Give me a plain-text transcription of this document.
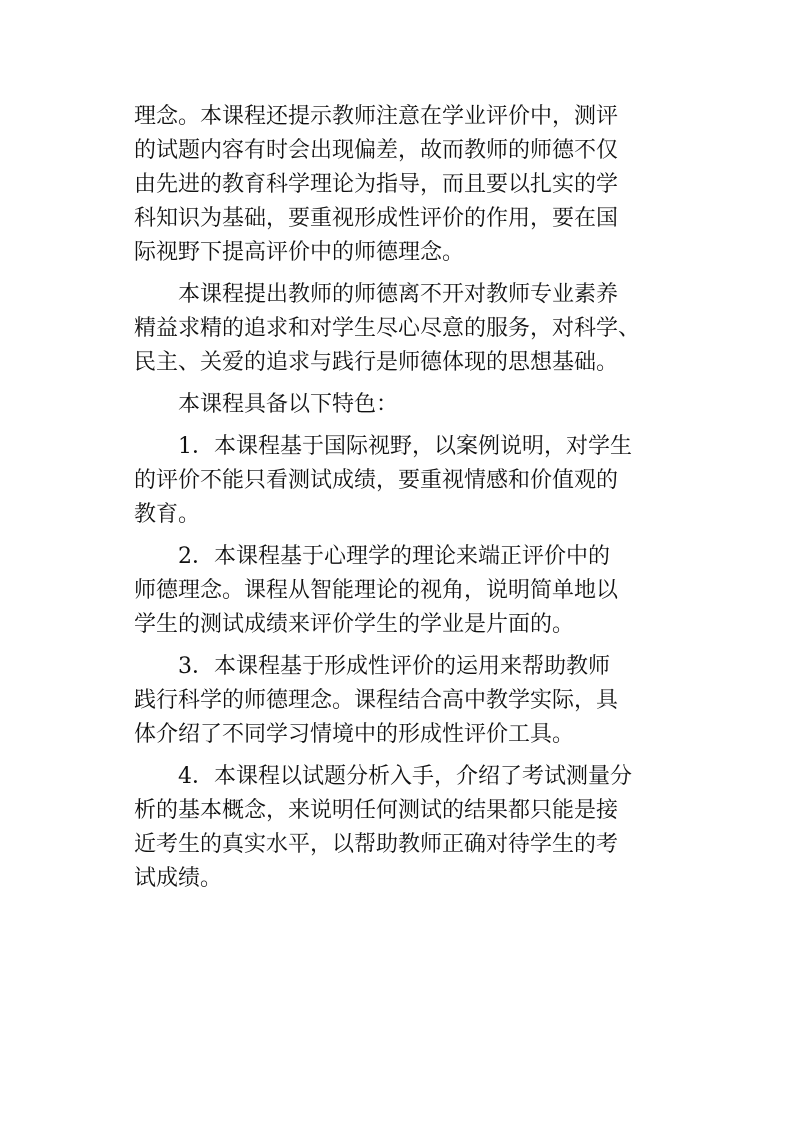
理念。本课程还提示教师注意在学业评价中，测评
的试题内容有时会出现偏差，故而教师的师德不仅
由先进的教育科学理论为指导，而且要以扎实的学
科知识为基础，要重视形成性评价的作用，要在国
际视野下提高评价中的师德理念。
本课程提出教师的师德离不开对教师专业素养
精益求精的追求和对学生尽心尽意的服务，对科学、
民主、关爱的追求与践行是师德体现的思想基础。
本课程具备以下特色：
1．本课程基于国际视野，以案例说明，对学生
的评价不能只看测试成绩，要重视情感和价值观的
教育。
2．本课程基于心理学的理论来端正评价中的
师德理念。课程从智能理论的视角，说明简单地以
学生的测试成绩来评价学生的学业是片面的。
3．本课程基于形成性评价的运用来帮助教师
践行科学的师德理念。课程结合高中教学实际，具
体介绍了不同学习情境中的形成性评价工具。
4．本课程以试题分析入手，介绍了考试测量分
析的基本概念，来说明任何测试的结果都只能是接
近考生的真实水平，以帮助教师正确对待学生的考
试成绩。
